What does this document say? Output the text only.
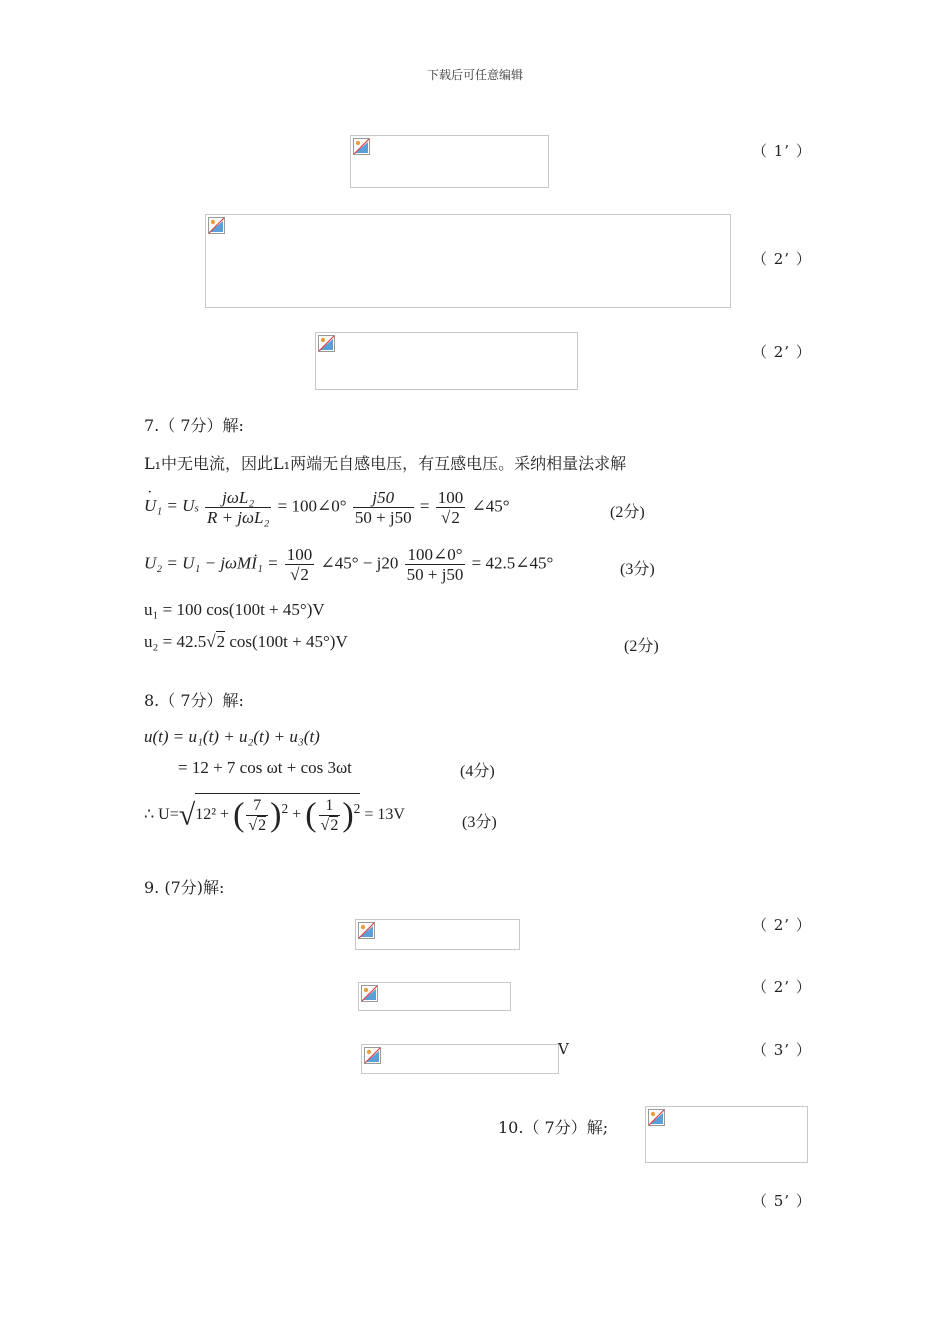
下载后可任意编辑
（ 1’ ）
（ 2’ ）
（ 2’ ）
7.（ 7分）解:
L₁中无电流，因此L₁两端无自感电压，有互感电压。采纳相量法求解
˙ U₁ = Us $\frac{\text{jωL₂}}{\text{R + jωL₂}}$ = 100∠0° $\frac{j50}{50 + j50} = \frac{100}{√2}$ ∠45°	(2分)
U₂ = U₁ − jωMİ₁ = $\frac{100}{√2}$ ∠45° − $j20 \frac{100\angle 0^\circ}{50 + j50}$ = 42.5∠45°	(3分)
u₁ = 100 cos(100t + 45°)V
u₂ = 42.5√2 cos(100t + 45°)V	(2分)
8.（ 7分）解:
u(t) = u₁(t) + u₂(t) + u₃(t)
= 12 + 7 cos ωt + cos 3ωt	(4分)
∴ U=√12² + ( $\frac{7}{√2} )^2$ + ( $\frac{1}{√2} )^2 = 13V$	(3分)
9. (7分)解:
（ 2’ ）
（ 2’ ）
V	（ 3’ ）
10.（ 7分）解;
（ 5’ ）
